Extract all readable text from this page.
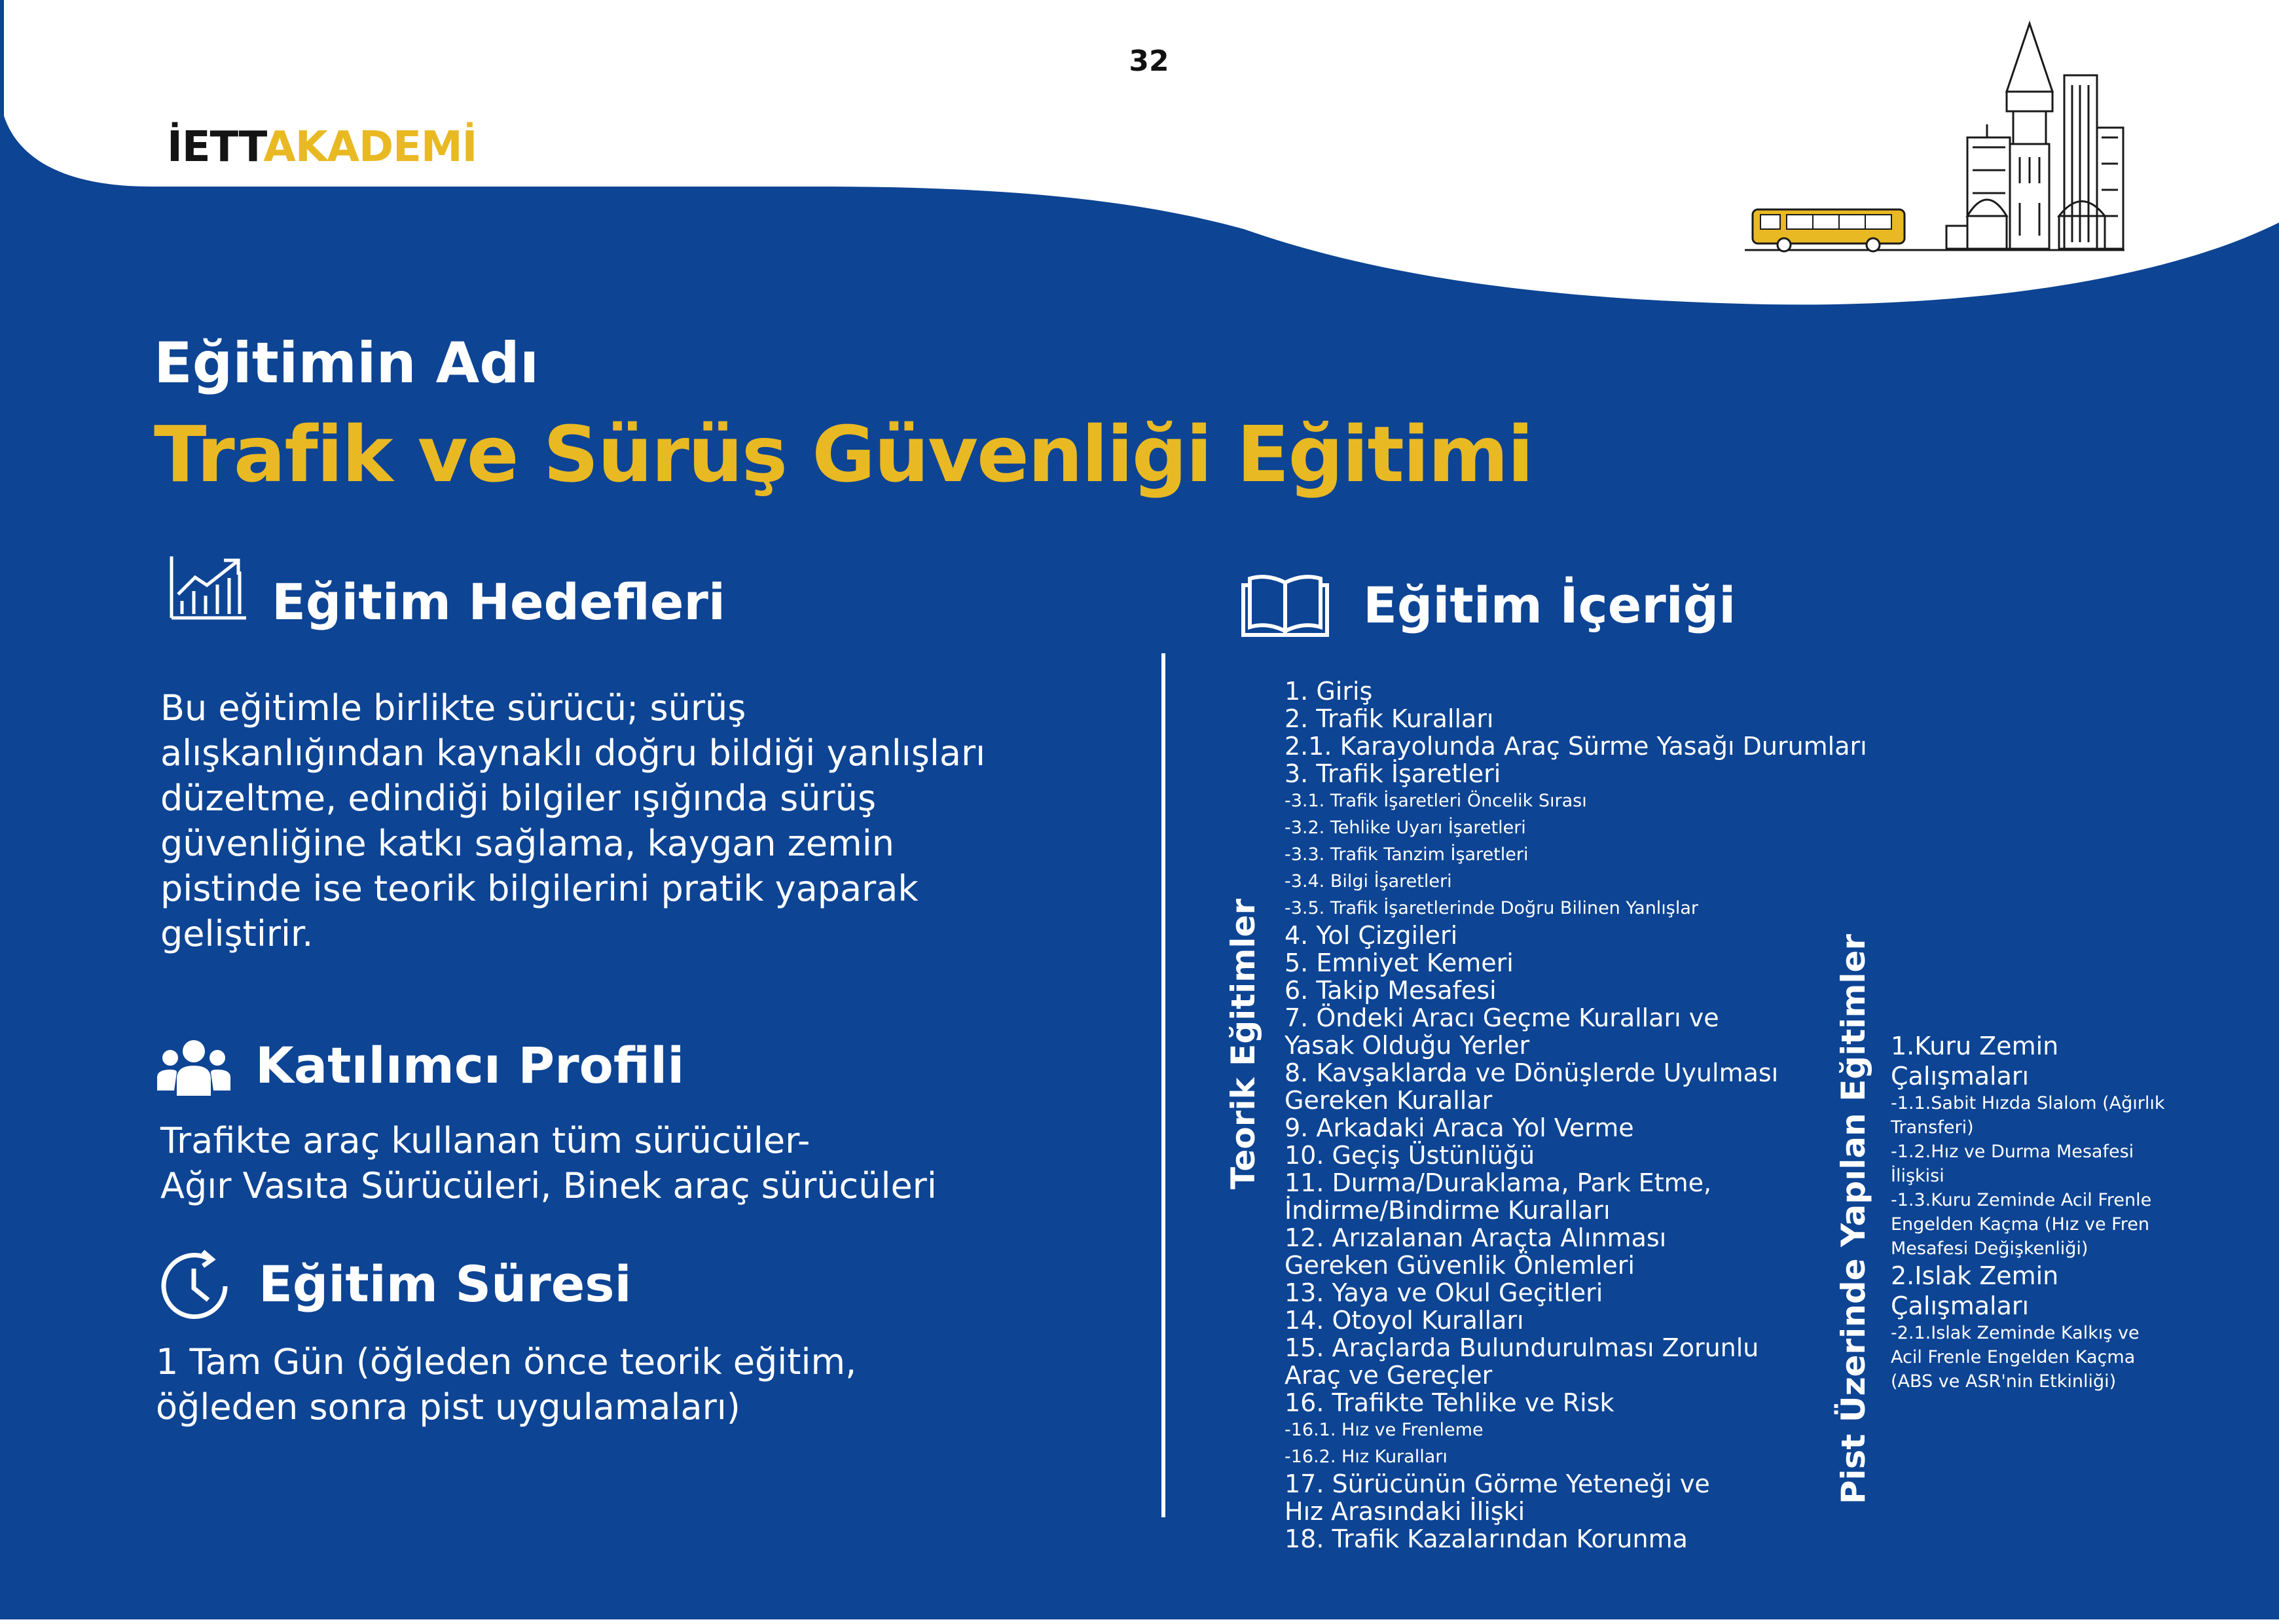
32
İETTAKADEMİ
Eğitimin Adı
Trafik ve Sürüş Güvenliği Eğitimi
Eğitim Hedefleri
Bu eğitimle birlikte sürücü; sürüş
alışkanlığından kaynaklı doğru bildiği yanlışları
düzeltme, edindiği bilgiler ışığında sürüş
güvenliğine katkı sağlama, kaygan zemin
pistinde ise teorik bilgilerini pratik yaparak
geliştirir.
Katılımcı Profili
Trafikte araç kullanan tüm sürücüler-
Ağır Vasıta Sürücüleri, Binek araç sürücüleri
Eğitim Süresi
1 Tam Gün (öğleden önce teorik eğitim,
öğleden sonra pist uygulamaları)
Eğitim İçeriği
Teorik Eğitimler	Pist Üzerinde Yapılan Eğitimler
1. Giriş
2. Trafik Kuralları
2.1. Karayolunda Araç Sürme Yasağı Durumları
3. Trafik İşaretleri
-3.1. Trafik İşaretleri Öncelik Sırası
-3.2. Tehlike Uyarı İşaretleri
-3.3. Trafik Tanzim İşaretleri
-3.4. Bilgi İşaretleri
-3.5. Trafik İşaretlerinde Doğru Bilinen Yanlışlar
4. Yol Çizgileri
5. Emniyet Kemeri
6. Takip Mesafesi
7. Öndeki Aracı Geçme Kuralları ve
Yasak Olduğu Yerler
8. Kavşaklarda ve Dönüşlerde Uyulması
Gereken Kurallar
9. Arkadaki Araca Yol Verme
10. Geçiş Üstünlüğü
11. Durma/Duraklama, Park Etme,
İndirme/Bindirme Kuralları
12. Arızalanan Araçta Alınması
Gereken Güvenlik Önlemleri
13. Yaya ve Okul Geçitleri
14. Otoyol Kuralları
15. Araçlarda Bulundurulması Zorunlu
Araç ve Gereçler
16. Trafikte Tehlike ve Risk
-16.1. Hız ve Frenleme
-16.2. Hız Kuralları
17. Sürücünün Görme Yeteneği ve
Hız Arasındaki İlişki
18. Trafik Kazalarından Korunma
1.Kuru Zemin
Çalışmaları
-1.1.Sabit Hızda Slalom (Ağırlık
Transferi)
-1.2.Hız ve Durma Mesafesi
İlişkisi
-1.3.Kuru Zeminde Acil Frenle
Engelden Kaçma (Hız ve Fren
Mesafesi Değişkenliği)
2.Islak Zemin
Çalışmaları
-2.1.Islak Zeminde Kalkış ve
Acil Frenle Engelden Kaçma
(ABS ve ASR'nin Etkinliği)
